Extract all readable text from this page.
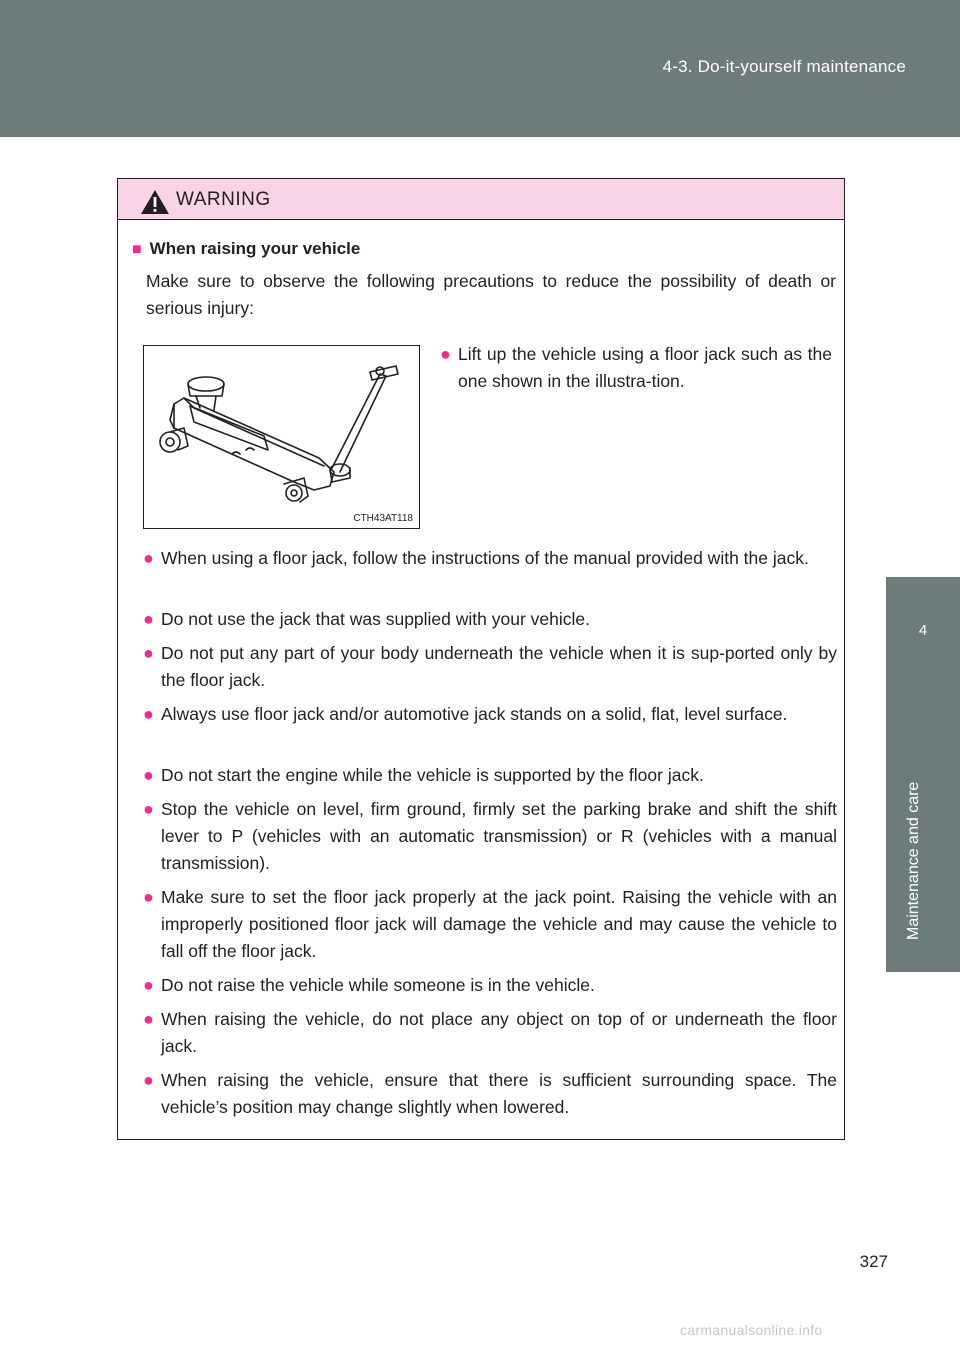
4-3. Do-it-yourself maintenance
4
Maintenance and care
WARNING
■ When raising your vehicle
Make sure to observe the following precautions to reduce the possibility of death or serious injury:
CTH43AT118
● Lift up the vehicle using a floor jack such as the one shown in the illustra-tion.
● When using a floor jack, follow the instructions of the manual provided with the jack.
● Do not use the jack that was supplied with your vehicle.
● Do not put any part of your body underneath the vehicle when it is sup-ported only by the floor jack.
● Always use floor jack and/or automotive jack stands on a solid, flat, level surface.
● Do not start the engine while the vehicle is supported by the floor jack.
● Stop the vehicle on level, firm ground, firmly set the parking brake and shift the shift lever to P (vehicles with an automatic transmission) or R (vehicles with a manual transmission).
● Make sure to set the floor jack properly at the jack point. Raising the vehicle with an improperly positioned floor jack will damage the vehicle and may cause the vehicle to fall off the floor jack.
● Do not raise the vehicle while someone is in the vehicle.
● When raising the vehicle, do not place any object on top of or underneath the floor jack.
● When raising the vehicle, ensure that there is sufficient surrounding space. The vehicle’s position may change slightly when lowered.
327
carmanualsonline.info
